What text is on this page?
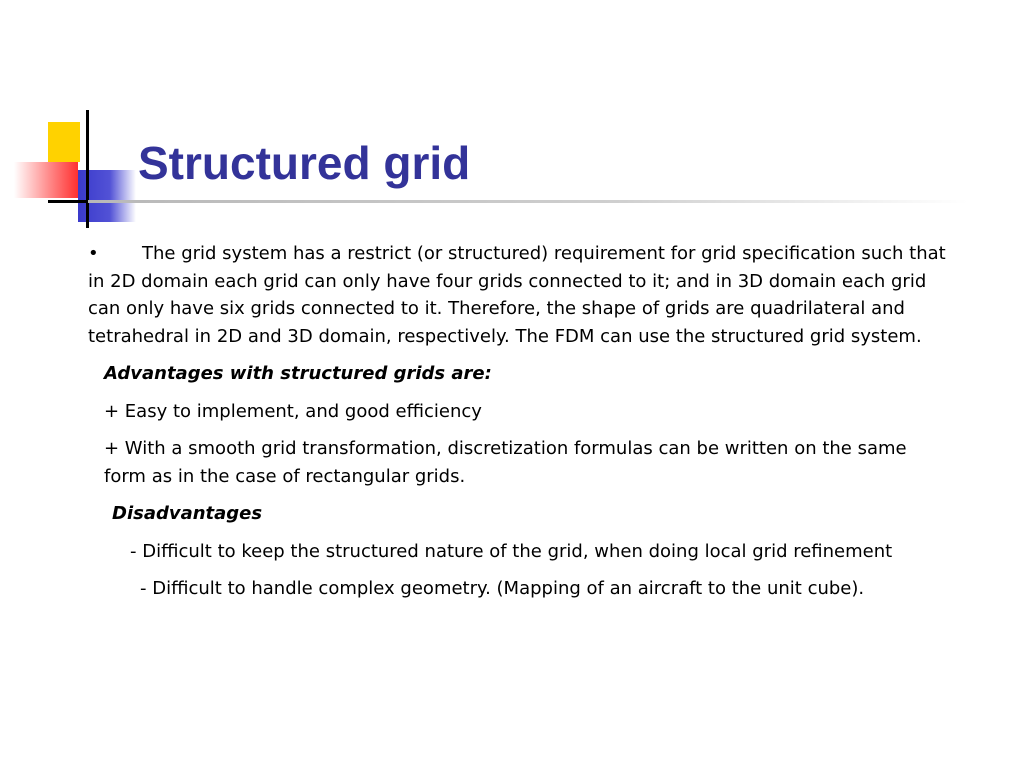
Structured grid

• The grid system has a restrict (or structured) requirement for grid specification such that in 2D domain each grid can only have four grids connected to it; and in 3D domain each grid can only have six grids connected to it. Therefore, the shape of grids are quadrilateral and tetrahedral in 2D and 3D domain, respectively. The FDM can use the structured grid system.

Advantages with structured grids are:

+ Easy to implement, and good efficiency

+ With a smooth grid transformation, discretization formulas can be written on the same form as in the case of rectangular grids.

Disadvantages

- Difficult to keep the structured nature of the grid, when doing local grid refinement

- Difficult to handle complex geometry. (Mapping of an aircraft to the unit cube).
